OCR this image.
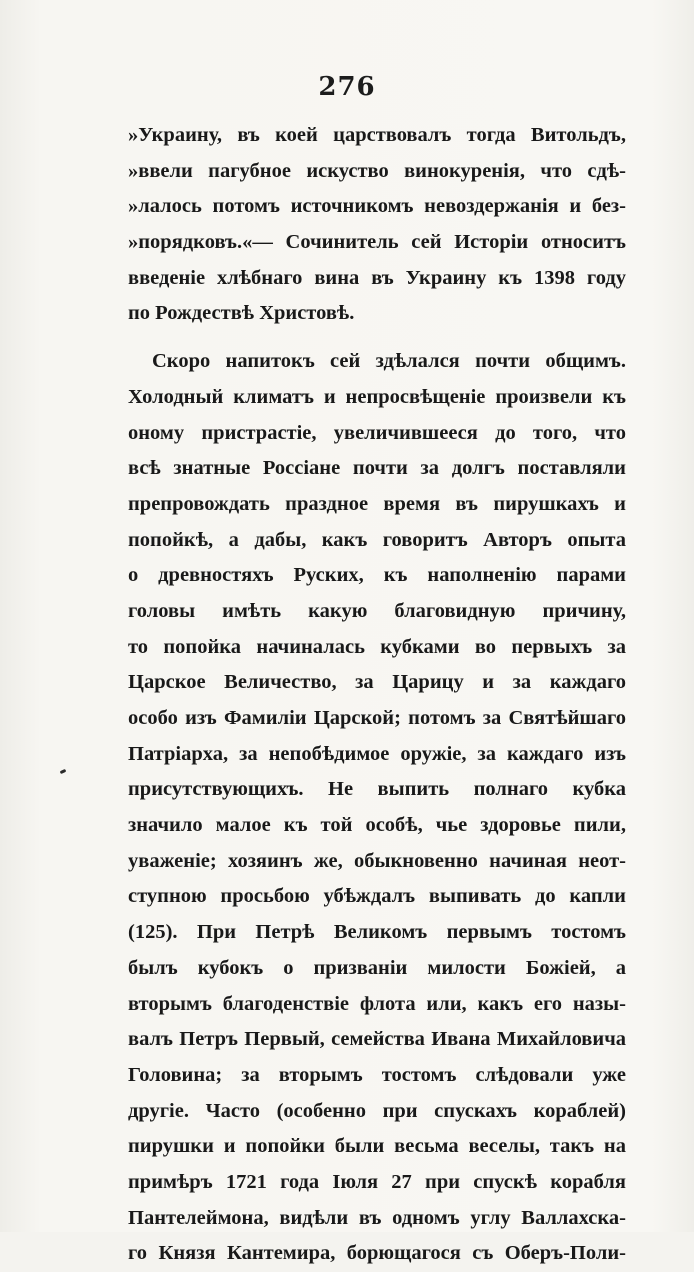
276
»Украину, въ коей царствовалъ тогда Витольдъ,
»ввели пагубное искуство винокуренія, что сдѣ-
»лалось потомъ источникомъ невоздержанія и без-
»порядковъ.«— Сочинитель сей Исторіи относитъ
введеніе хлѣбнаго вина въ Украину къ 1398 году
по Рождествѣ Христовѣ.
Скоро напитокъ сей здѣлался почти общимъ.
Холодный климатъ и непросвѣщеніе произвели къ
оному пристрастіе, увеличившееся до того, что
всѣ знатные Россіане почти за долгъ поставляли
препровождать праздное время въ пирушкахъ и
попойкѣ, а дабы, какъ говоритъ Авторъ опыта
о древностяхъ Руских, къ наполненію парами
головы имѣть какую благовидную причину,
то попойка начиналась кубками во первыхъ за
Царское Величество, за Царицу и за каждаго
особо изъ Фамиліи Царской; потомъ за Святѣйшаго
Патріарха, за непобѣдимое оружіе, за каждаго изъ
присутствующихъ. Не выпить полнаго кубка
значило малое къ той особѣ, чье здоровье пили,
уваженіе; хозяинъ же, обыкновенно начиная неот-
ступною просьбою убѣждалъ выпивать до капли
(125). При Петрѣ Великомъ первымъ тостомъ
былъ кубокъ о призваніи милости Божіей, а
вторымъ благоденствіе флота или, какъ его назы-
валъ Петръ Первый, семейства Ивана Михайловича
Головина; за вторымъ тостомъ слѣдовали уже
другіе. Часто (особенно при спускахъ кораблей)
пирушки и попойки были весьма веселы, такъ на
примѣръ 1721 года Іюля 27 при спускѣ корабля
Пантелеймона, видѣли въ одномъ углу Валлахска-
го Князя Кантемира, борющагося съ Оберъ-Поли-
